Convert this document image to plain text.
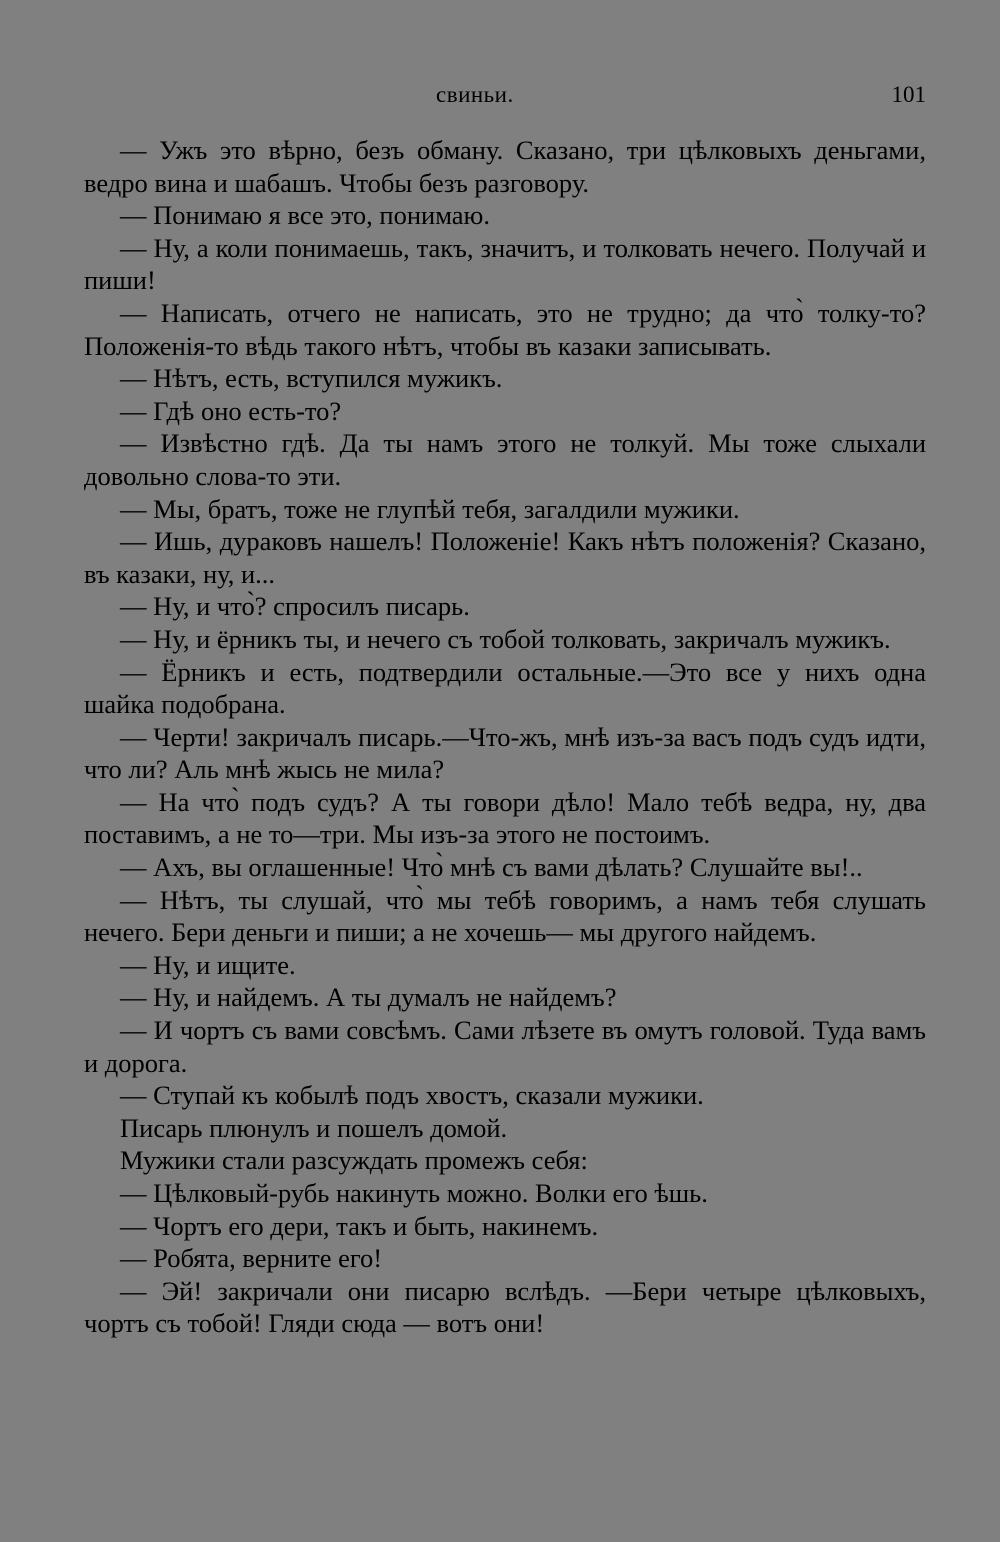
свиньи.	101

— Ужъ это вѣрно, безъ обману. Сказано, три цѣлковыхъ деньгами, ведро вина и шабашъ. Чтобы безъ разговору.

— Понимаю я все это, понимаю.

— Ну, а коли понимаешь, такъ, значитъ, и толковать нечего. Получай и пиши!

— Написать, отчего не написать, это не трудно; да что̀ толку-то? Положенія-то вѣдь такого нѣтъ, чтобы въ казаки записывать.

— Нѣтъ, есть, вступился мужикъ.

— Гдѣ оно есть-то?

— Извѣстно гдѣ. Да ты намъ этого не толкуй. Мы тоже слыхали довольно слова-то эти.

— Мы, братъ, тоже не глупѣй тебя, загалдили мужики.

— Ишь, дураковъ нашелъ! Положеніе! Какъ нѣтъ положенія? Сказано, въ казаки, ну, и...

— Ну, и что̀? спросилъ писарь.

— Ну, и ёрникъ ты, и нечего съ тобой толковать, закричалъ мужикъ.

— Ёрникъ и есть, подтвердили остальные.—Это все у нихъ одна шайка подобрана.

— Черти! закричалъ писарь.—Что-жъ, мнѣ изъ-за васъ подъ судъ идти, что ли? Аль мнѣ жысь не мила?

— На что̀ подъ судъ? А ты говори дѣло! Мало тебѣ ведра, ну, два поставимъ, а не то—три. Мы изъ-за этого не постоимъ.

— Ахъ, вы оглашенные! Что̀ мнѣ съ вами дѣлать? Слушайте вы!..

— Нѣтъ, ты слушай, что̀ мы тебѣ говоримъ, а намъ тебя слушать нечего. Бери деньги и пиши; а не хочешь— мы другого найдемъ.

— Ну, и ищите.

— Ну, и найдемъ. А ты думалъ не найдемъ?

— И чортъ съ вами совсѣмъ. Сами лѣзете въ омутъ головой. Туда вамъ и дорога.

— Ступай къ кобылѣ подъ хвостъ, сказали мужики.

Писарь плюнулъ и пошелъ домой.

Мужики стали разсуждать промежъ себя:

— Цѣлковый-рубь накинуть можно. Волки его ѣшь.

— Чортъ его дери, такъ и быть, накинемъ.

— Робята, верните его!

— Эй! закричали они писарю вслѣдъ. —Бери четыре цѣлковыхъ, чортъ съ тобой! Гляди сюда — вотъ они!
